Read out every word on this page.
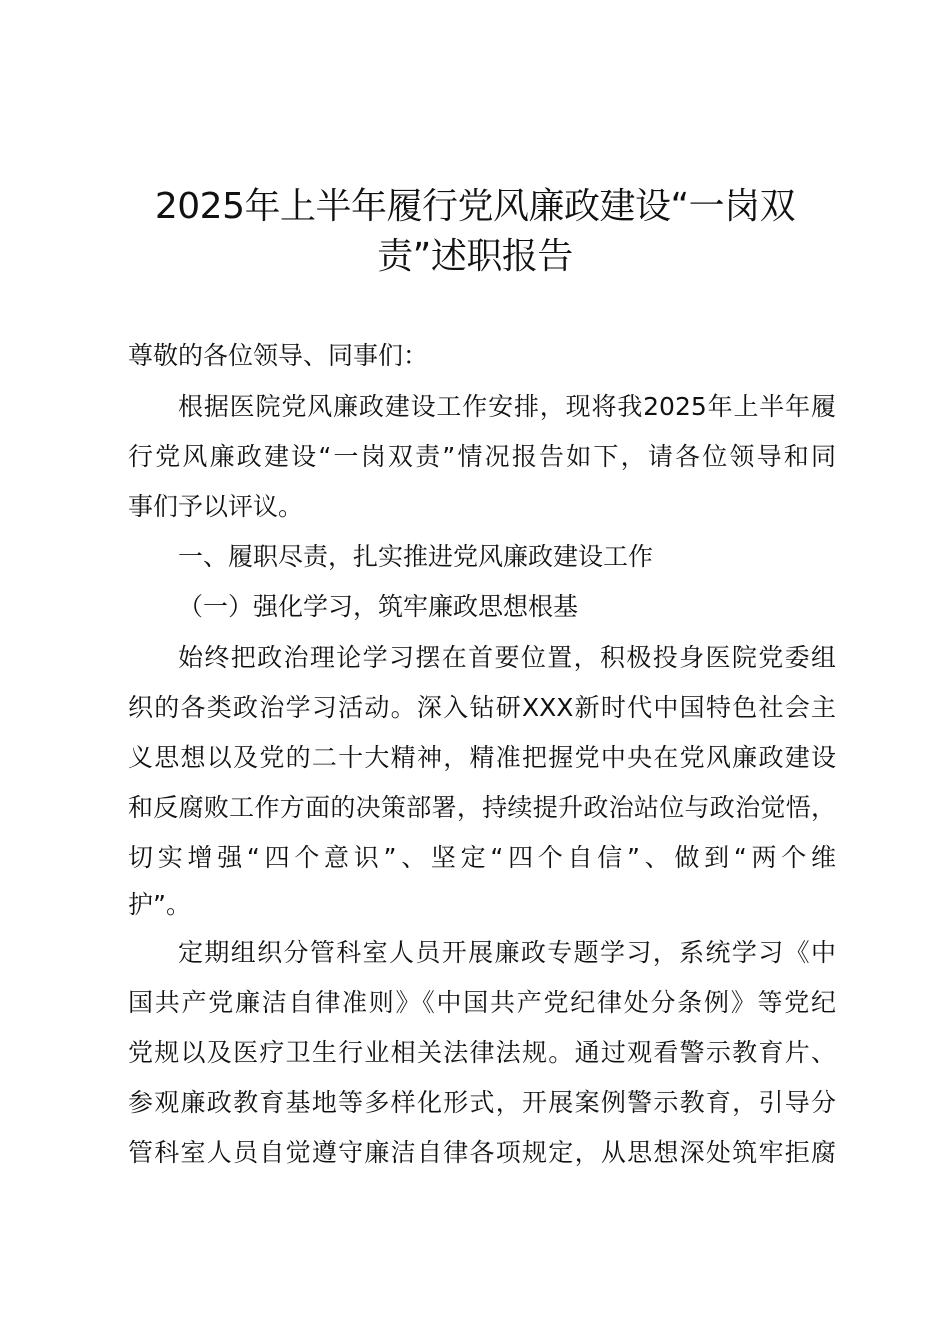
2025年上半年履行党风廉政建设“一岗双
责”述职报告
尊敬的各位领导、同事们：
根据医院党风廉政建设工作安排，现将我2025年上半年履
行党风廉政建设“一岗双责”情况报告如下，请各位领导和同
事们予以评议。
一、履职尽责，扎实推进党风廉政建设工作
（一）强化学习，筑牢廉政思想根基
始终把政治理论学习摆在首要位置，积极投身医院党委组
织的各类政治学习活动。深入钻研XXX新时代中国特色社会主
义思想以及党的二十大精神，精准把握党中央在党风廉政建设
和反腐败工作方面的决策部署，持续提升政治站位与政治觉悟，
切实增强“四个意识”、坚定“四个自信”、做到“两个维
护”。
定期组织分管科室人员开展廉政专题学习，系统学习《中
国共产党廉洁自律准则》《中国共产党纪律处分条例》等党纪
党规以及医疗卫生行业相关法律法规。通过观看警示教育片、
参观廉政教育基地等多样化形式，开展案例警示教育，引导分
管科室人员自觉遵守廉洁自律各项规定，从思想深处筑牢拒腐
